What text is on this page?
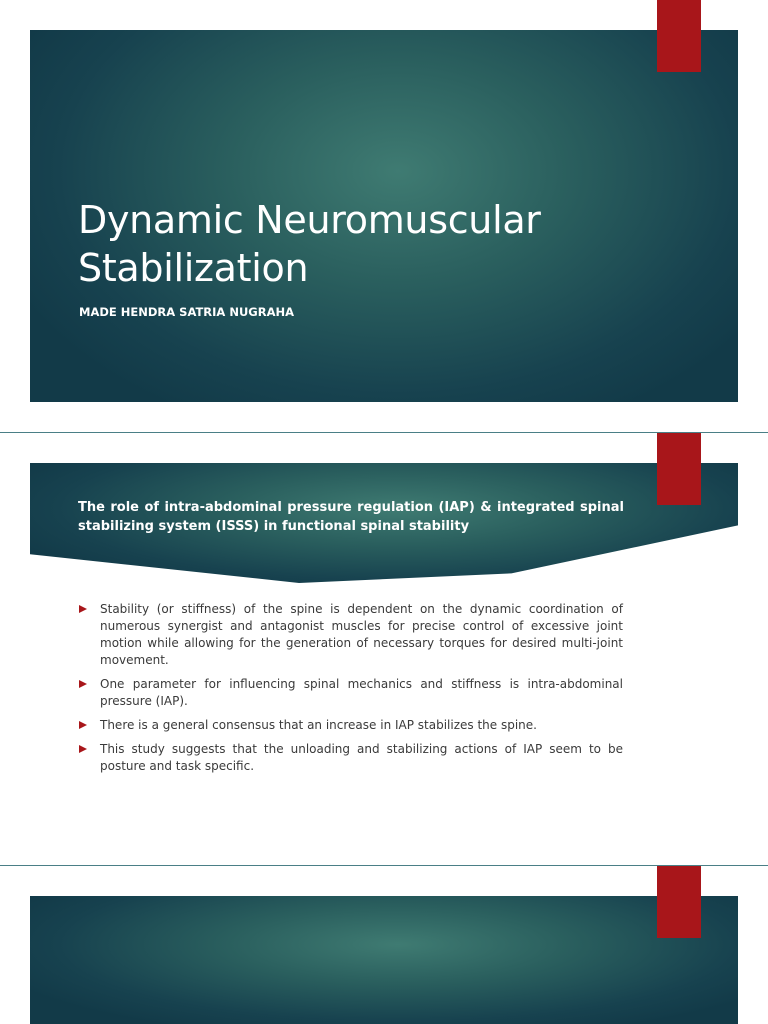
Dynamic Neuromuscular Stabilization

MADE HENDRA SATRIA NUGRAHA

The role of intra-abdominal pressure regulation (IAP) & integrated spinal stabilizing system (ISSS) in functional spinal stability
Stability (or stiffness) of the spine is dependent on the dynamic coordination of numerous synergist and antagonist muscles for precise control of excessive joint motion while allowing for the generation of necessary torques for desired multi-joint movement.
One parameter for influencing spinal mechanics and stiffness is intra-abdominal pressure (IAP).
There is a general consensus that an increase in IAP stabilizes the spine.
This study suggests that the unloading and stabilizing actions of IAP seem to be posture and task specific.
